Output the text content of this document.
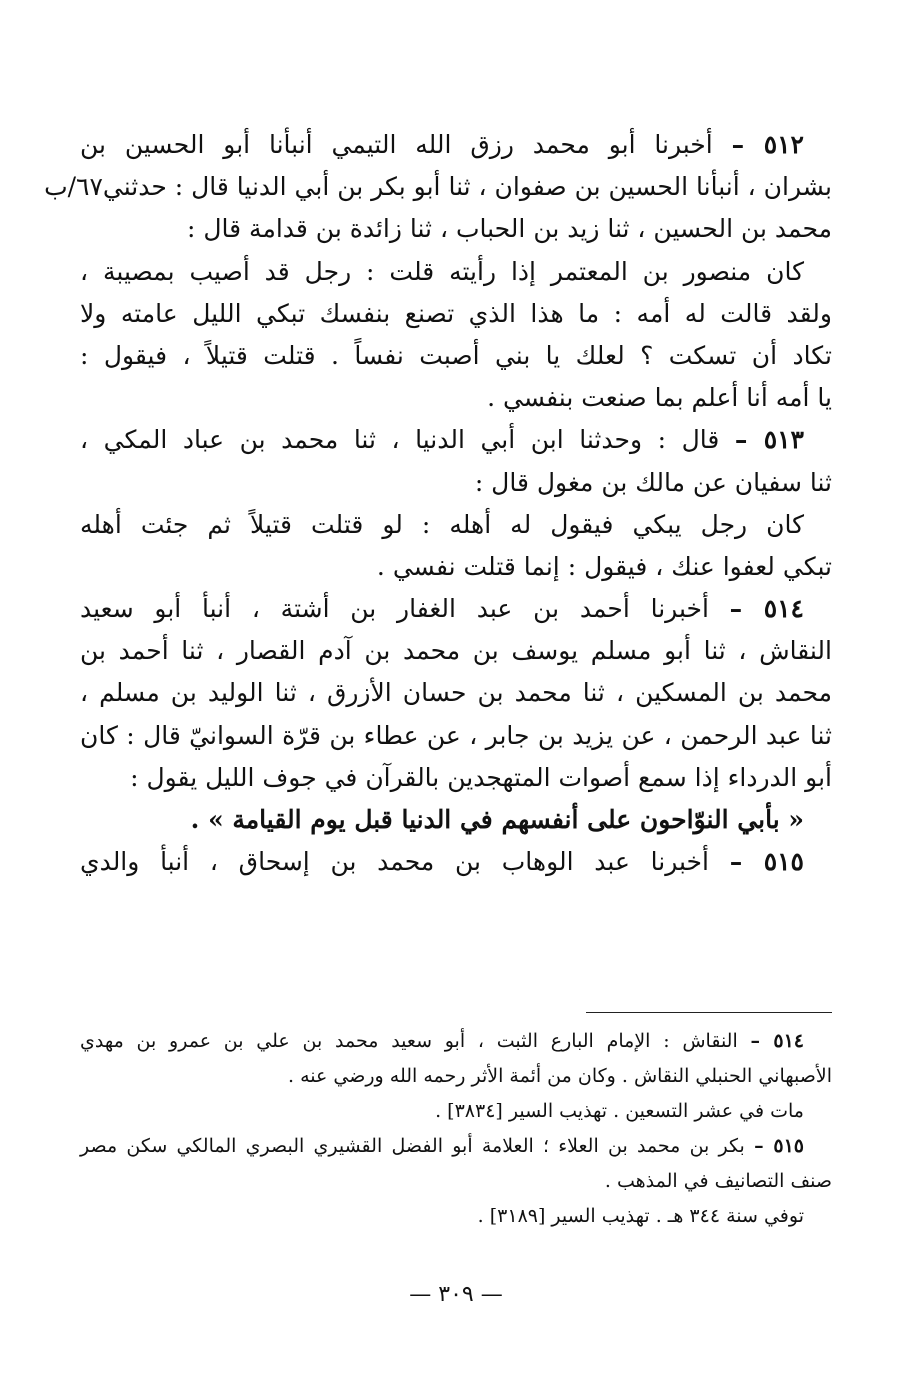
٥١٢ – أخبرنا أبو محمد رزق الله التيمي أنبأنا أبو الحسين بن
بشران ، أنبأنا الحسين بن صفوان ، ثنا أبو بكر بن أبي الدنيا قال : حدثني٦٧/ب
محمد بن الحسين ، ثنا زيد بن الحباب ، ثنا زائدة بن قدامة قال :
كان منصور بن المعتمر إذا رأيته قلت : رجل قد أصيب بمصيبة ،
ولقد قالت له أمه : ما هذا الذي تصنع بنفسك تبكي الليل عامته ولا
تكاد أن تسكت ؟ لعلك يا بني أصبت نفساً . قتلت قتيلاً ، فيقول :
يا أمه أنا أعلم بما صنعت بنفسي .
٥١٣ – قال : وحدثنا ابن أبي الدنيا ، ثنا محمد بن عباد المكي ،
ثنا سفيان عن مالك بن مغول قال :
كان رجل يبكي فيقول له أهله : لو قتلت قتيلاً ثم جئت أهله
تبكي لعفوا عنك ، فيقول : إنما قتلت نفسي .
٥١٤ – أخبرنا أحمد بن عبد الغفار بن أشتة ، أنبأ أبو سعيد
النقاش ، ثنا أبو مسلم يوسف بن محمد بن آدم القصار ، ثنا أحمد بن
محمد بن المسكين ، ثنا محمد بن حسان الأزرق ، ثنا الوليد بن مسلم ،
ثنا عبد الرحمن ، عن يزيد بن جابر ، عن عطاء بن قرّة السوانيّ قال : كان
أبو الدرداء إذا سمع أصوات المتهجدين بالقرآن في جوف الليل يقول :
« بأبي النوّاحون على أنفسهم في الدنيا قبل يوم القيامة » .
٥١٥ – أخبرنا عبد الوهاب بن محمد بن إسحاق ، أنبأ والدي
٥١٤ – النقاش : الإمام البارع الثبت ، أبو سعيد محمد بن علي بن عمرو بن مهدي
الأصبهاني الحنبلي النقاش . وكان من أئمة الأثر رحمه الله ورضي عنه .
مات في عشر التسعين . تهذيب السير [٣٨٣٤] .
٥١٥ – بكر بن محمد بن العلاء ؛ العلامة أبو الفضل القشيري البصري المالكي سكن مصر
صنف التصانيف في المذهب .
توفي سنة ٣٤٤ هـ . تهذيب السير [٣١٨٩] .
— ٣٠٩ —
